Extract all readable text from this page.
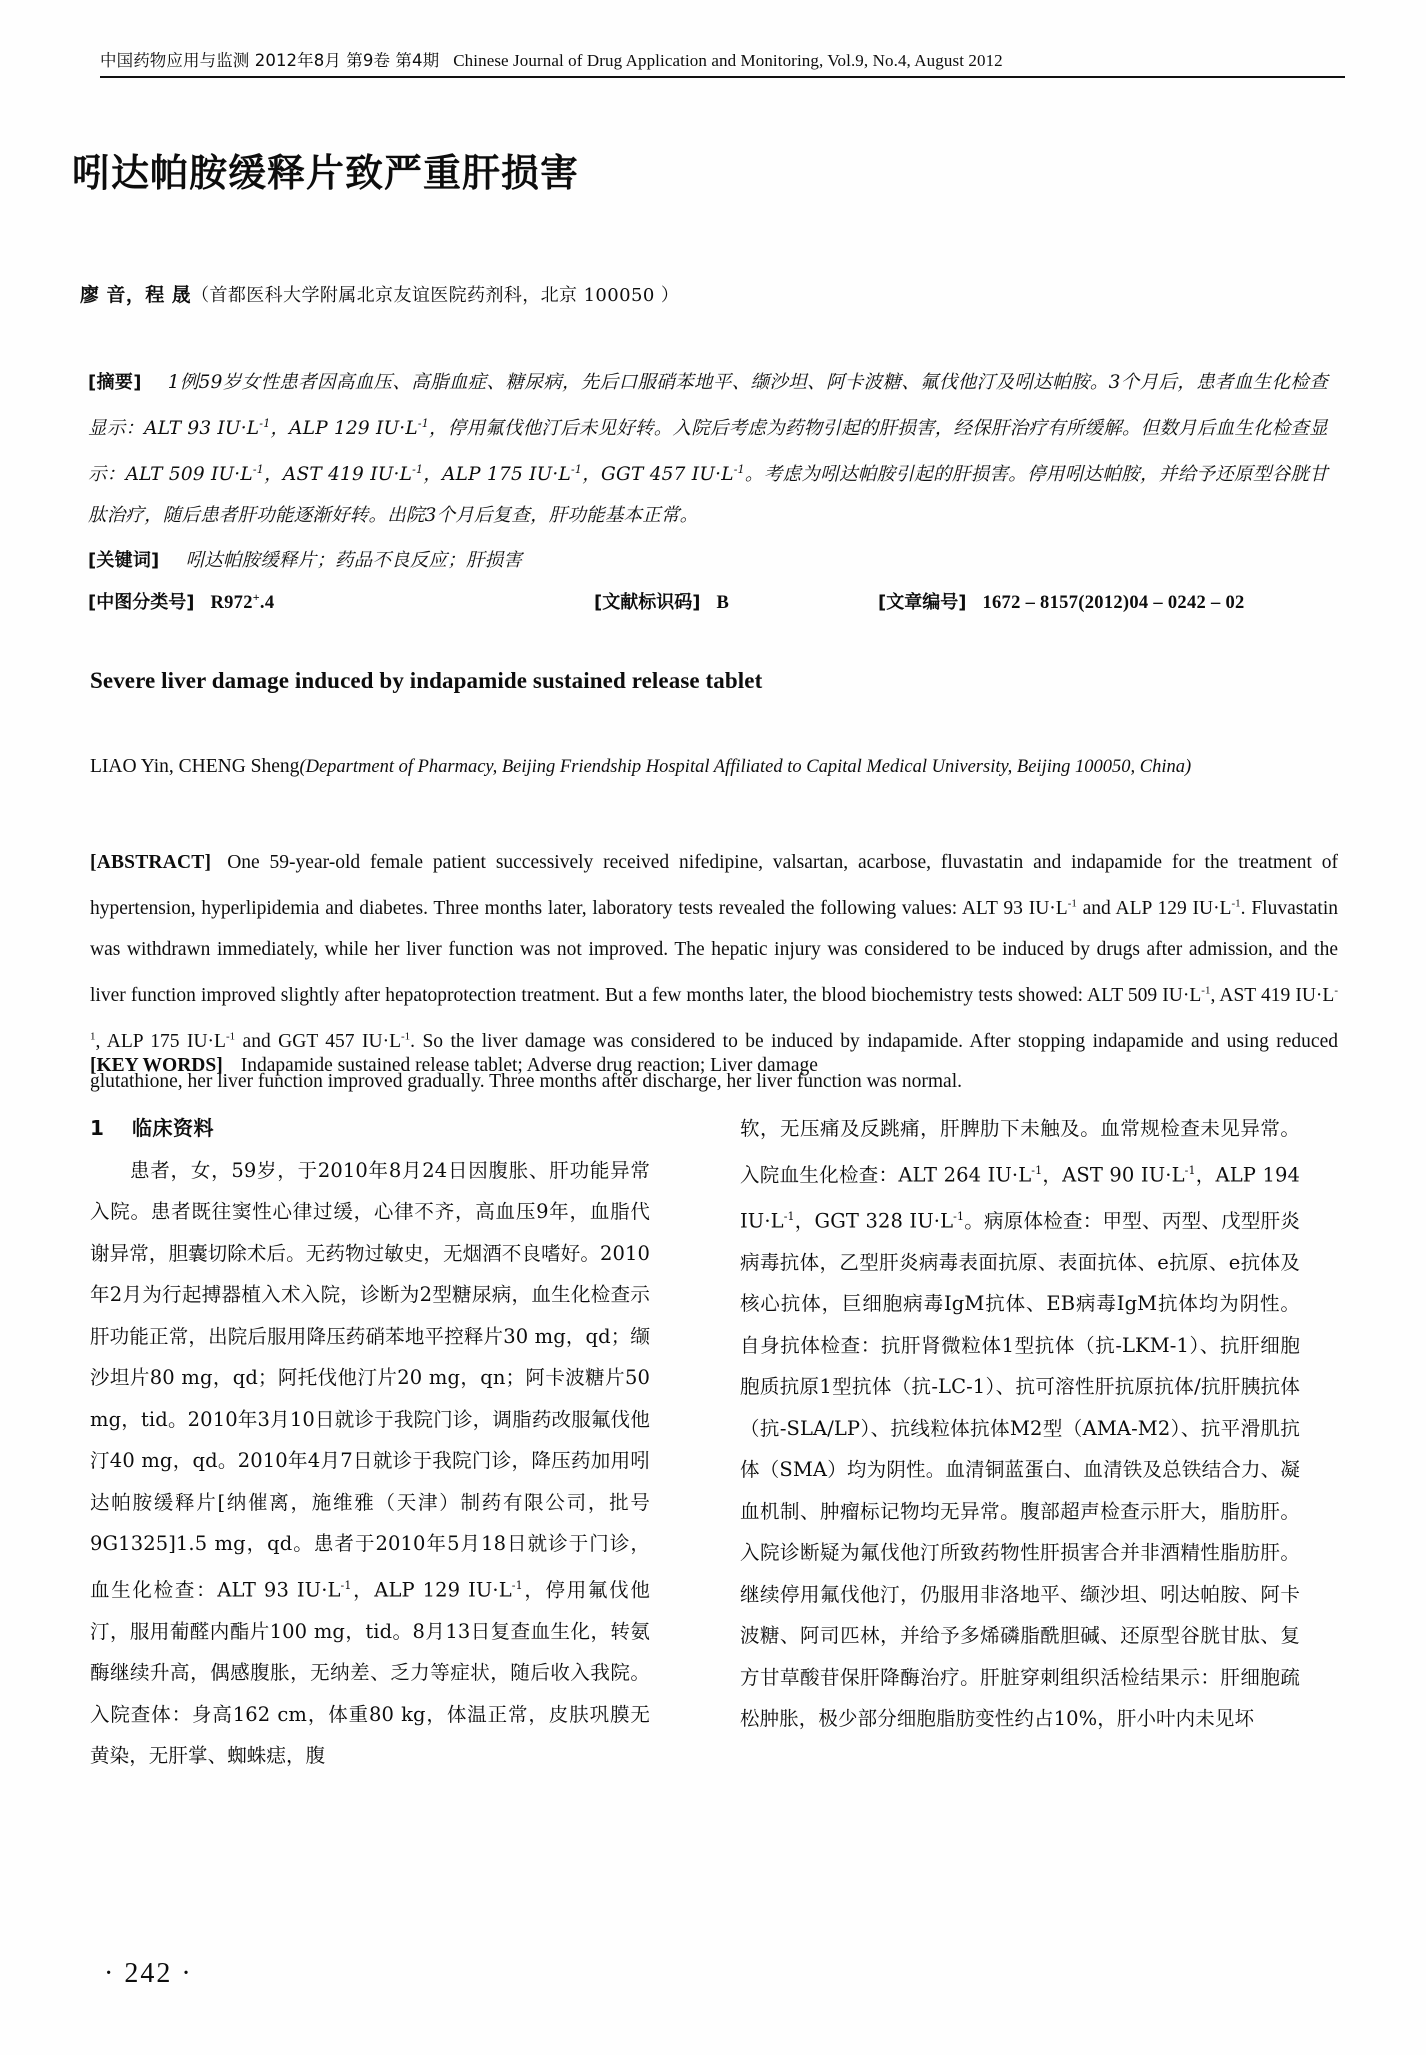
中国药物应用与监测 2012年8月 第9卷 第4期 Chinese Journal of Drug Application and Monitoring, Vol.9, No.4, August 2012
吲达帕胺缓释片致严重肝损害
廖 音，程 晟（首都医科大学附属北京友谊医院药剂科，北京 100050 ）
[摘要] 1例59岁女性患者因高血压、高脂血症、糖尿病，先后口服硝苯地平、缬沙坦、阿卡波糖、氟伐他汀及吲达帕胺。3个月后，患者血生化检查显示：ALT 93 $IU\cdot L^{-1}$，ALP 129 $IU\cdot L^{-1}$，停用氟伐他汀后未见好转。入院后考虑为药物引起的肝损害，经保肝治疗有所缓解。但数月后血生化检查显示：ALT 509 $IU\cdot L^{-1}$，AST 419 $IU\cdot L^{-1}$，ALP 175 $IU\cdot L^{-1}$，GGT 457 $IU\cdot L^{-1}$。考虑为吲达帕胺引起的肝损害。停用吲达帕胺，并给予还原型谷胱甘肽治疗，随后患者肝功能逐渐好转。出院3个月后复查，肝功能基本正常。
[关键词] 吲达帕胺缓释片；药品不良反应；肝损害
[中图分类号] R972+.4	[文献标识码] B	[文章编号] 1672 – 8157(2012)04 – 0242 – 02
Severe liver damage induced by indapamide sustained release tablet
LIAO Yin, CHENG Sheng(Department of Pharmacy, Beijing Friendship Hospital Affiliated to Capital Medical University, Beijing 100050, China)
[ABSTRACT] One 59-year-old female patient successively received nifedipine, valsartan, acarbose, fluvastatin and indapamide for the treatment of hypertension, hyperlipidemia and diabetes. Three months later, laboratory tests revealed the following values: ALT 93 $IU\cdot L^{-1}$ and ALP 129 $IU\cdot L^{-1}$. Fluvastatin was withdrawn immediately, while her liver function was not improved. The hepatic injury was considered to be induced by drugs after admission, and the liver function improved slightly after hepatoprotection treatment. But a few months later, the blood biochemistry tests showed: ALT 509 $IU\cdot L^{-1}$, AST 419 $IU\cdot L^{-1}$, ALP 175 $IU\cdot L^{-1}$ and GGT 457 $IU\cdot L^{-1}$. So the liver damage was considered to be induced by indapamide. After stopping indapamide and using reduced glutathione, her liver function improved gradually. Three months after discharge, her liver function was normal.
[KEY WORDS] Indapamide sustained release tablet; Adverse drug reaction; Liver damage
1 临床资料
患者，女，59岁，于2010年8月24日因腹胀、肝功能异常入院。患者既往窦性心律过缓，心律不齐，高血压9年，血脂代谢异常，胆囊切除术后。无药物过敏史，无烟酒不良嗜好。2010年2月为行起搏器植入术入院，诊断为2型糖尿病，血生化检查示肝功能正常，出院后服用降压药硝苯地平控释片30 mg，qd；缬沙坦片80 mg，qd；阿托伐他汀片20 mg，qn；阿卡波糖片50 mg，tid。2010年3月10日就诊于我院门诊，调脂药改服氟伐他汀40 mg，qd。2010年4月7日就诊于我院门诊，降压药加用吲达帕胺缓释片[纳催离，施维雅（天津）制药有限公司，批号9G1325]1.5 mg，qd。患者于2010年5月18日就诊于门诊，血生化检查：ALT 93 $IU\cdot L^{-1}$，ALP 129 $IU\cdot L^{-1}$，停用氟伐他汀，服用葡醛内酯片100 mg，tid。8月13日复查血生化，转氨酶继续升高，偶感腹胀，无纳差、乏力等症状，随后收入我院。入院查体：身高162 cm，体重80 kg，体温正常，皮肤巩膜无黄染，无肝掌、蜘蛛痣，腹
软，无压痛及反跳痛，肝脾肋下未触及。血常规检查未见异常。入院血生化检查：ALT 264 $IU\cdot L^{-1}$，AST 90 $IU\cdot L^{-1}$，ALP 194 $IU\cdot L^{-1}$，GGT 328 $IU\cdot L^{-1}$。病原体检查：甲型、丙型、戊型肝炎病毒抗体，乙型肝炎病毒表面抗原、表面抗体、e抗原、e抗体及核心抗体，巨细胞病毒IgM抗体、EB病毒IgM抗体均为阴性。自身抗体检查：抗肝肾微粒体1型抗体（抗-LKM-1）、抗肝细胞胞质抗原1型抗体（抗-LC-1）、抗可溶性肝抗原抗体/抗肝胰抗体（抗-SLA/LP）、抗线粒体抗体M2型（AMA-M2）、抗平滑肌抗体（SMA）均为阴性。血清铜蓝蛋白、血清铁及总铁结合力、凝血机制、肿瘤标记物均无异常。腹部超声检查示肝大，脂肪肝。入院诊断疑为氟伐他汀所致药物性肝损害合并非酒精性脂肪肝。继续停用氟伐他汀，仍服用非洛地平、缬沙坦、吲达帕胺、阿卡波糖、阿司匹林，并给予多烯磷脂酰胆碱、还原型谷胱甘肽、复方甘草酸苷保肝降酶治疗。肝脏穿刺组织活检结果示：肝细胞疏松肿胀，极少部分细胞脂肪变性约占10%，肝小叶内未见坏
· 242 ·
